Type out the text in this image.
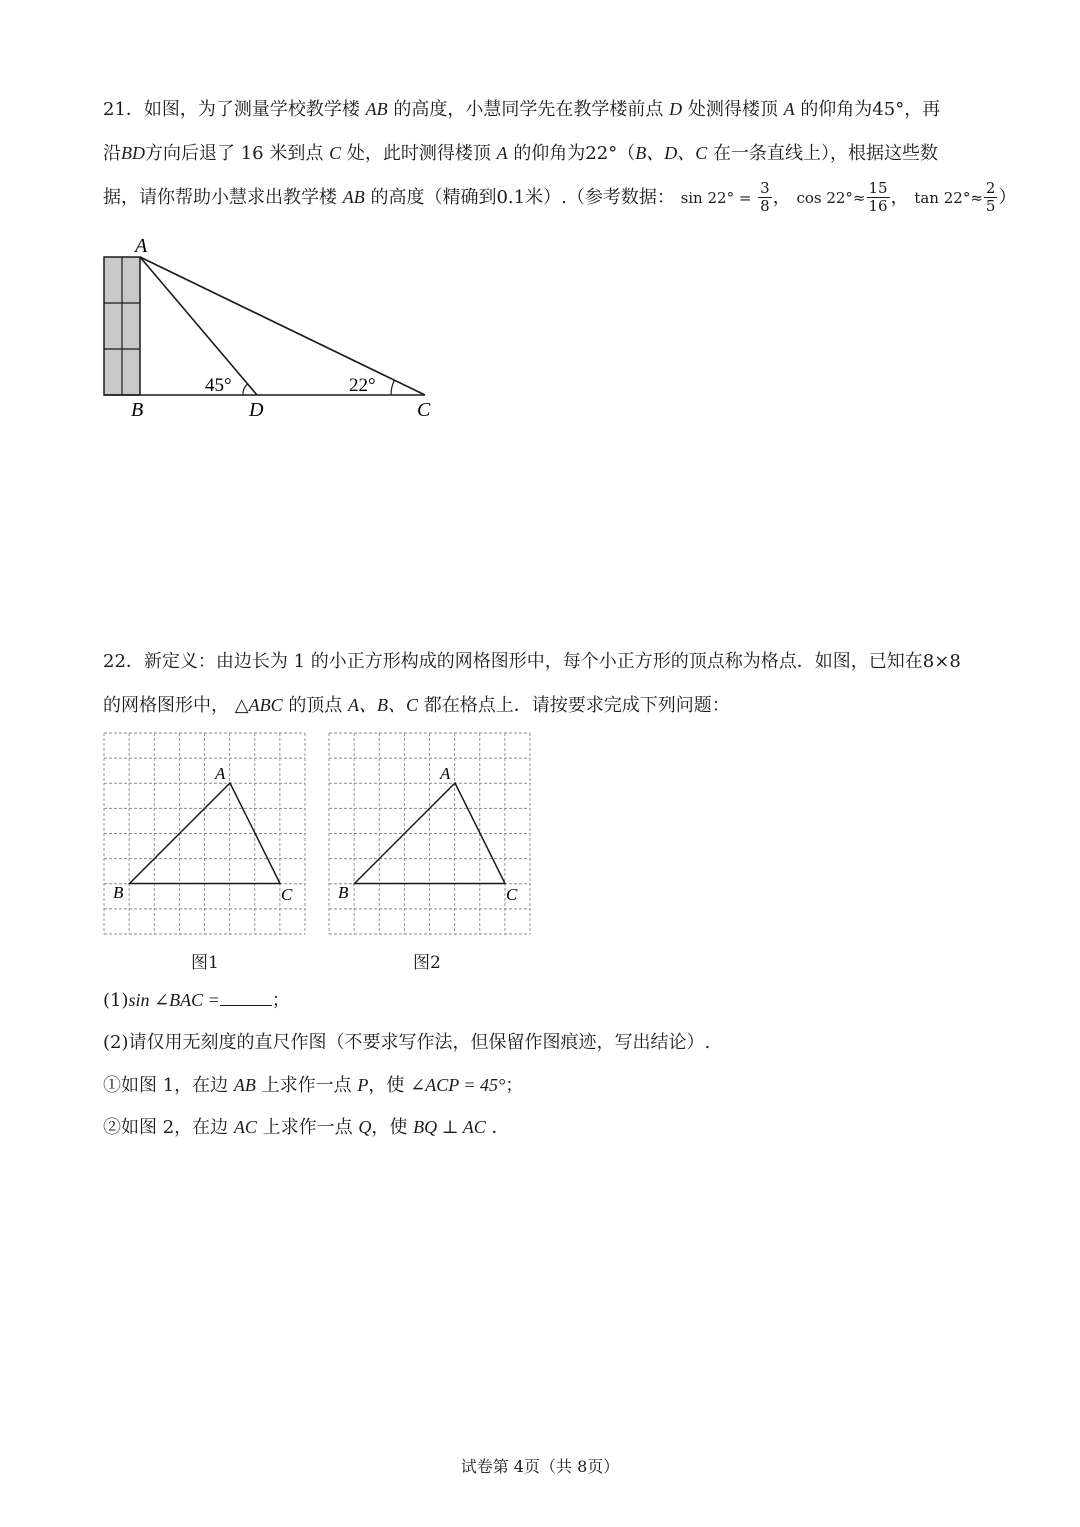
21．如图，为了测量学校教学楼 AB 的高度，小慧同学先在教学楼前点 D 处测得楼顶 A 的仰角为45°，再
沿BD方向后退了 16 米到点 C 处，此时测得楼顶 A 的仰角为22°（B、D、C 在一条直线上），根据这些数
据，请你帮助小慧求出教学楼 AB 的高度（精确到0.1米）.（参考数据： $\sin 22^\circ = \frac{3}{8}$ ， $\cos 22^\circ\approx \frac{15}{16}$ ， $\tan 22^\circ\approx \frac{2}{5}$ ）
A
B	D	C
45°	22°
22．新定义：由边长为 1 的小正方形构成的网格图形中，每个小正方形的顶点称为格点．如图，已知在8×8
的网格图形中， △ABC 的顶点 A、B、C 都在格点上．请按要求完成下列问题：
A
B	C
图1
A
B	C
图2
(1)sin ∠BAC =	；
(2)请仅用无刻度的直尺作图（不要求写作法，但保留作图痕迹，写出结论）.
①如图 1，在边 AB 上求作一点 P，使 ∠ACP = 45°；
②如图 2，在边 AC 上求作一点 Q，使 BQ ⊥ AC ．
试卷第 4页（共 8页）
